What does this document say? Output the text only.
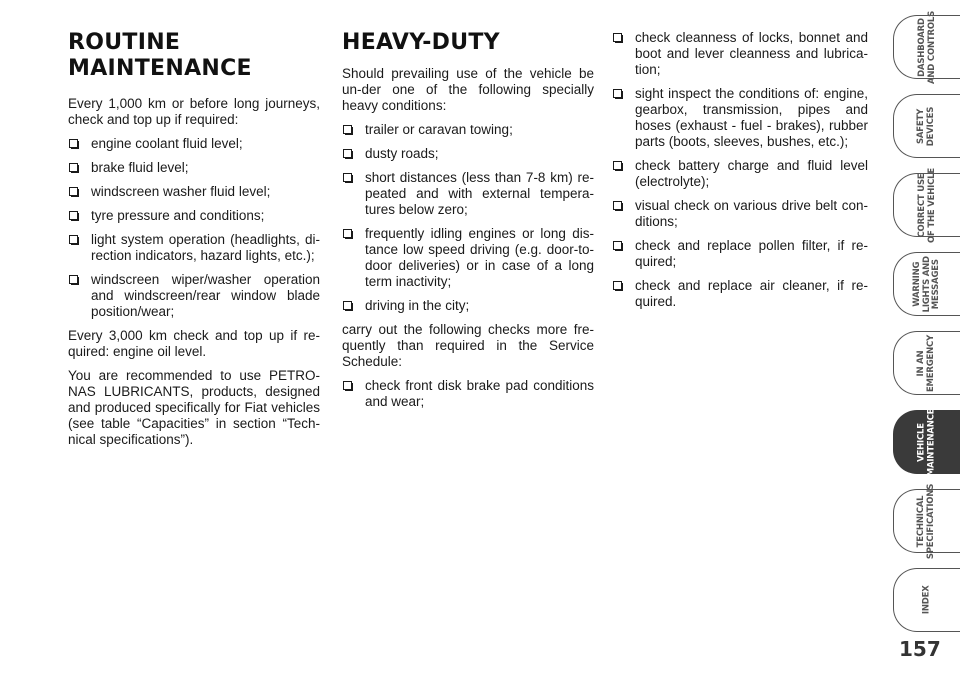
ROUTINE
MAINTENANCE

Every 1,000 km or before long journeys, check and top up if required:

engine coolant fluid level;
brake fluid level;
windscreen washer fluid level;
tyre pressure and conditions;
light system operation (headlights, di-rection indicators, hazard lights, etc.);
windscreen wiper/washer operation and windscreen/rear window blade position/wear;

Every 3,000 km check and top up if re-quired: engine oil level.

You are recommended to use PETRO-NAS LUBRICANTS, products, designed and produced specifically for Fiat vehicles (see table “Capacities” in section “Tech-nical specifications”).

HEAVY-DUTY

Should prevailing use of the vehicle be un-der one of the following specially heavy conditions:

trailer or caravan towing;
dusty roads;
short distances (less than 7-8 km) re-peated and with external tempera-tures below zero;
frequently idling engines or long dis-tance low speed driving (e.g. door-to-door deliveries) or in case of a long term inactivity;
driving in the city;

carry out the following checks more fre-quently than required in the Service Schedule:

check front disk brake pad conditions and wear;
check cleanness of locks, bonnet and boot and lever cleanness and lubrica-tion;
sight inspect the conditions of: engine, gearbox, transmission, pipes and hoses (exhaust - fuel - brakes), rubber parts (boots, sleeves, bushes, etc.);
check battery charge and fluid level (electrolyte);
visual check on various drive belt con-ditions;
check and replace pollen filter, if re-quired;
check and replace air cleaner, if re-quired.
DASHBOARD
AND CONTROLS
SAFETY
DEVICES
CORRECT USE
OF THE VEHICLE
WARNING
LIGHTS AND
MESSAGES
IN AN
EMERGENCY
VEHICLE
MAINTENANCE
TECHNICAL
SPECIFICATIONS
INDEX
157
